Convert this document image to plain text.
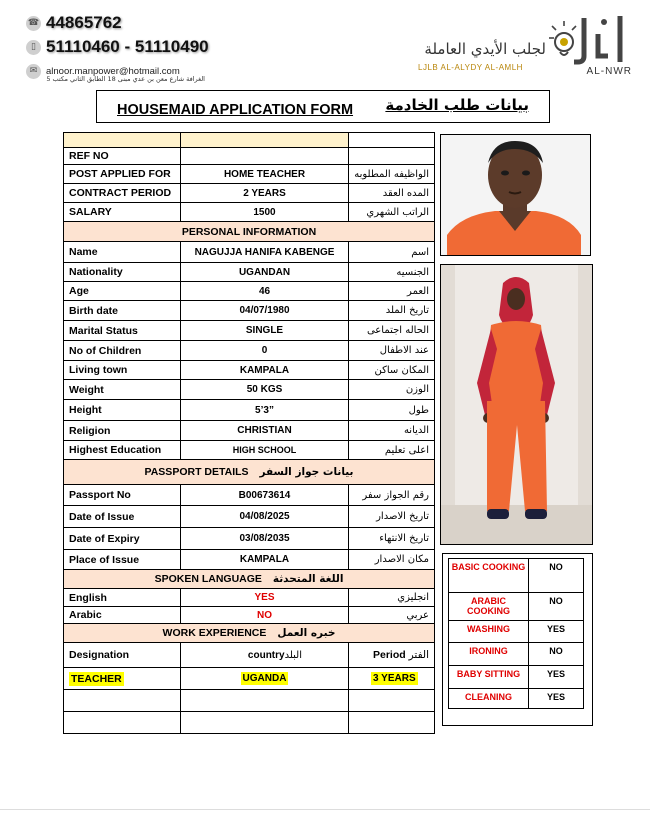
☎ 44865762
▯ 51110460 - 51110490
✉ alnoor.manpower@hotmail.com
الغرافة شارع معن بن عدي مبنى 18 الطابق الثاني مكتب 5
لجلب الأيدي العاملة
LJLB AL-ALYDY AL-AMLH	AL-NWR
HOUSEMAID APPLICATION FORM بيانات طلب الخادمة

REF NO		
POST APPLIED FOR	HOME TEACHER	الواظيفه المطلوبه
CONTRACT PERIOD	2 YEARS	المده العقد
SALARY	1500	الراتب الشهري
PERSONAL INFORMATION		
Name	NAGUJJA HANIFA KABENGE	اسم
Nationality	UGANDAN	الجنسيه
Age	46	العمر
Birth date	04/07/1980	تاريخ الملد
Marital Status	SINGLE	الحاله اجتماعى
No of Children	0	عند الاطفال
Living town	KAMPALA	المكان ساكن
Weight	50 KGS	الوزن
Height	5’3”	طول
Religion	CHRISTIAN	الديانه
Highest Education	HIGH SCHOOL	اعلى تعليم
PASSPORT DETAILS بيانات جواز السفر		
Passport No	B00673614	رقم الجواز سفر
Date of Issue	04/08/2025	تاريخ الاصدار
Date of Expiry	03/08/2035	تاريخ الانتهاء
Place of Issue	KAMPALA	مكان الاصدار
SPOKEN LANGUAGE اللغة المتحدثة		
English	YES	انجليزي
Arabic	NO	عربي
WORK EXPERIENCE خبره العمل		
Designation	countryالبلد	Period الفتر
TEACHER	UGANDA	3 YEARS

BASIC COOKING	NO
ARABIC COOKING	NO
WASHING	YES
IRONING	NO
BABY SITTING	YES
CLEANING	YES
